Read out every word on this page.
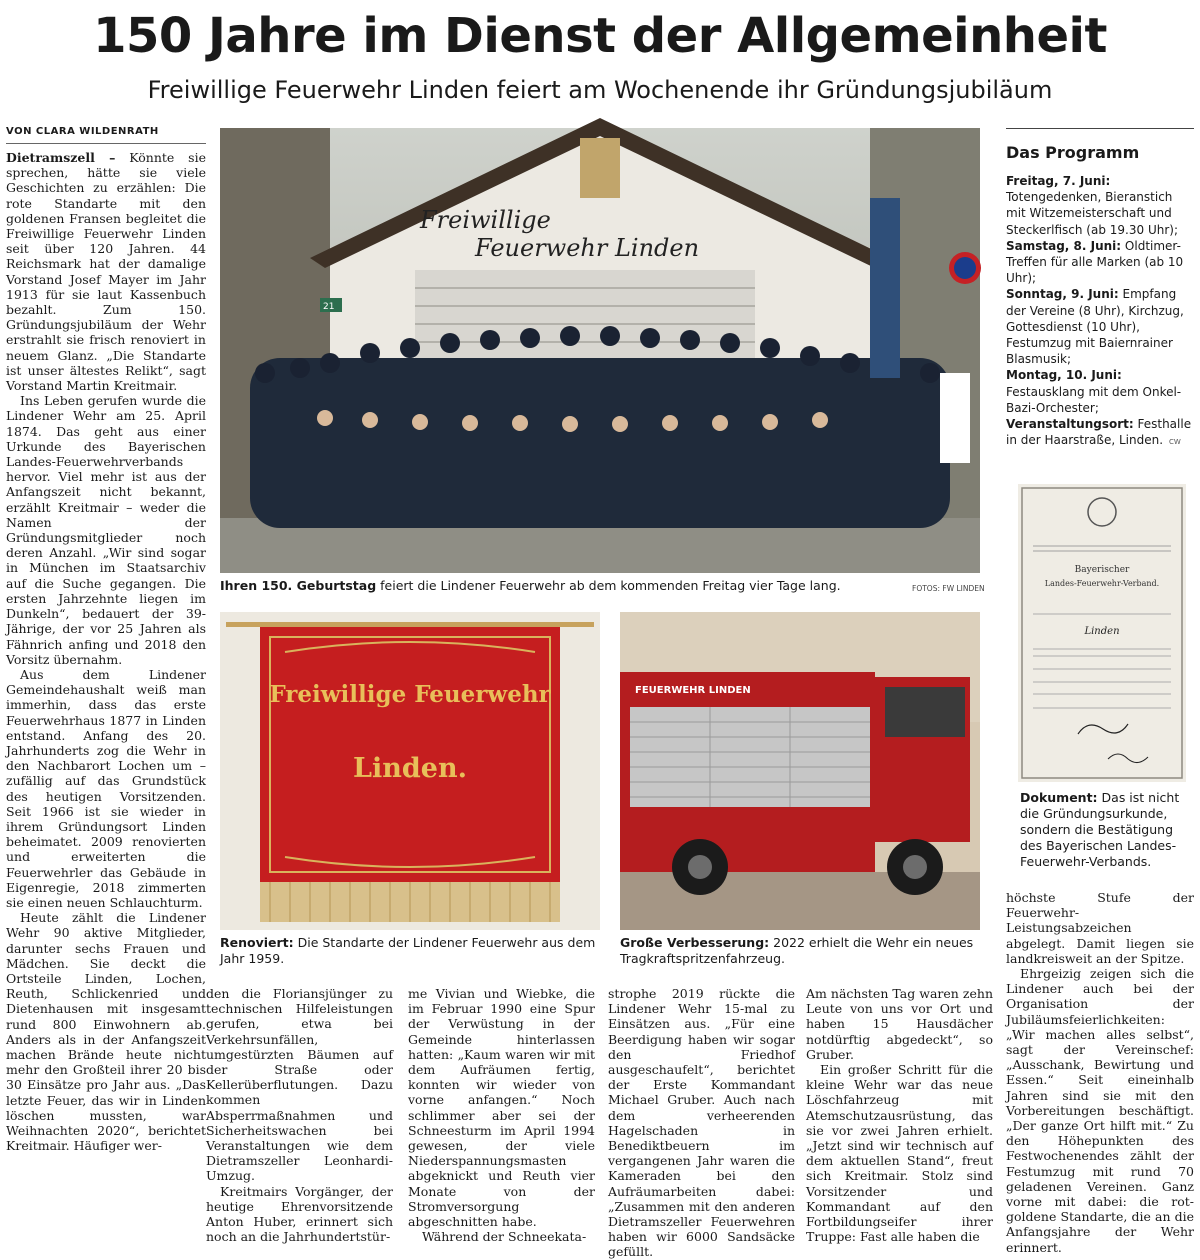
150 Jahre im Dienst der Allgemeinheit
Freiwillige Feuerwehr Linden feiert am Wochenende ihr Gründungsjubiläum
VON CLARA WILDENRATH

Dietramszell – Könnte sie sprechen, hätte sie viele Geschichten zu erzählen: Die rote Standarte mit den goldenen Fransen begleitet die Freiwillige Feuerwehr Linden seit über 120 Jahren. 44 Reichsmark hat der damalige Vorstand Josef Mayer im Jahr 1913 für sie laut Kassenbuch bezahlt. Zum 150. Gründungsjubiläum der Wehr erstrahlt sie frisch renoviert in neuem Glanz. „Die Standarte ist unser ältestes Relikt“, sagt Vorstand Martin Kreitmair.

Ins Leben gerufen wurde die Lindener Wehr am 25. April 1874. Das geht aus einer Urkunde des Bayerischen Landes-Feuerwehrverbands hervor. Viel mehr ist aus der Anfangszeit nicht bekannt, erzählt Kreitmair – weder die Namen der Gründungsmitglieder noch deren Anzahl. „Wir sind sogar in München im Staatsarchiv auf die Suche gegangen. Die ersten Jahrzehnte liegen im Dunkeln“, bedauert der 39-Jährige, der vor 25 Jahren als Fähnrich anfing und 2018 den Vorsitz übernahm.

Aus dem Lindener Gemeindehaushalt weiß man immerhin, dass das erste Feuerwehrhaus 1877 in Linden entstand. Anfang des 20. Jahrhunderts zog die Wehr in den Nachbarort Lochen um – zufällig auf das Grundstück des heutigen Vorsitzenden. Seit 1966 ist sie wieder in ihrem Gründungsort Linden beheimatet. 2009 renovierten und erweiterten die Feuerwehrler das Gebäude in Eigenregie, 2018 zimmerten sie einen neuen Schlauchturm.

Heute zählt die Lindener Wehr 90 aktive Mitglieder, darunter sechs Frauen und Mädchen. Sie deckt die Ortsteile Linden, Lochen, Reuth, Schlickenried und Dietenhausen mit insgesamt rund 800 Einwohnern ab. Anders als in der Anfangszeit machen Brände heute nicht mehr den Großteil ihrer 20 bis 30 Einsätze pro Jahr aus. „Das letzte Feuer, das wir in Linden löschen mussten, war Weihnachten 2020“, berichtet Kreitmair. Häufiger wer-

Freiwillige
Feuerwehr Linden
21
Ihren 150. Geburtstag feiert die Lindener Feuerwehr ab dem kommenden Freitag vier Tage lang.	FOTOS: FW LINDEN
Freiwillige Feuerwehr
Linden.
Renoviert: Die Standarte der Lindener Feuerwehr aus dem Jahr 1959.
FEUERWEHR LINDEN
Große Verbesserung: 2022 erhielt die Wehr ein neues Tragkraftspritzenfahrzeug.
Das Programm
Freitag, 7. Juni: Totengedenken, Bieranstich mit Witzemeisterschaft und Steckerlfisch (ab 19.30 Uhr);
Samstag, 8. Juni: Oldtimer-Treffen für alle Marken (ab 10 Uhr);
Sonntag, 9. Juni: Empfang der Vereine (8 Uhr), Kirchzug, Gottesdienst (10 Uhr), Festumzug mit Baiernrainer Blasmusik;
Montag, 10. Juni: Festausklang mit dem Onkel-Bazi-Orchester;
Veranstaltungsort: Festhalle in der Haarstraße, Linden. CW
Bayerischer
Landes-Feuerwehr-Verband.
Linden
Dokument: Das ist nicht die Gründungsurkunde, sondern die Bestätigung des Bayerischen Landes-Feuerwehr-Verbands.

den die Floriansjünger zu technischen Hilfeleistungen gerufen, etwa bei Verkehrsunfällen, umgestürzten Bäumen auf der Straße oder Kellerüberflutungen. Dazu kommen Absperrmaßnahmen und Sicherheitswachen bei Veranstaltungen wie dem Dietramszeller Leonhardi-Umzug.

Kreitmairs Vorgänger, der heutige Ehrenvorsitzende Anton Huber, erinnert sich noch an die Jahrhundertstür-

me Vivian und Wiebke, die im Februar 1990 eine Spur der Verwüstung in der Gemeinde hinterlassen hatten: „Kaum waren wir mit dem Aufräumen fertig, konnten wir wieder von vorne anfangen.“ Noch schlimmer aber sei der Schneesturm im April 1994 gewesen, der viele Niederspannungsmasten abgeknickt und Reuth vier Monate von der Stromversorgung abgeschnitten habe.

Während der Schneekata-

strophe 2019 rückte die Lindener Wehr 15-mal zu Einsätzen aus. „Für eine Beerdigung haben wir sogar den Friedhof ausgeschaufelt“, berichtet der Erste Kommandant Michael Gruber. Auch nach dem verheerenden Hagelschaden in Benediktbeuern im vergangenen Jahr waren die Kameraden bei den Aufräumarbeiten dabei: „Zusammen mit den anderen Dietramszeller Feuerwehren haben wir 6000 Sandsäcke gefüllt.

Am nächsten Tag waren zehn Leute von uns vor Ort und haben 15 Hausdächer notdürftig abgedeckt“, so Gruber.

Ein großer Schritt für die kleine Wehr war das neue Löschfahrzeug mit Atemschutzausrüstung, das sie vor zwei Jahren erhielt. „Jetzt sind wir technisch auf dem aktuellen Stand“, freut sich Kreitmair. Stolz sind Vorsitzender und Kommandant auf den Fortbildungseifer ihrer Truppe: Fast alle haben die

höchste Stufe der Feuerwehr-Leistungsabzeichen abgelegt. Damit liegen sie landkreisweit an der Spitze.

Ehrgeizig zeigen sich die Lindener auch bei der Organisation der Jubiläumsfeierlichkeiten: „Wir machen alles selbst“, sagt der Vereinschef: „Ausschank, Bewirtung und Essen.“ Seit eineinhalb Jahren sind sie mit den Vorbereitungen beschäftigt. „Der ganze Ort hilft mit.“ Zu den Höhepunkten des Festwochenendes zählt der Festumzug mit rund 70 geladenen Vereinen. Ganz vorne mit dabei: die rot-goldene Standarte, die an die Anfangsjahre der Wehr erinnert.
